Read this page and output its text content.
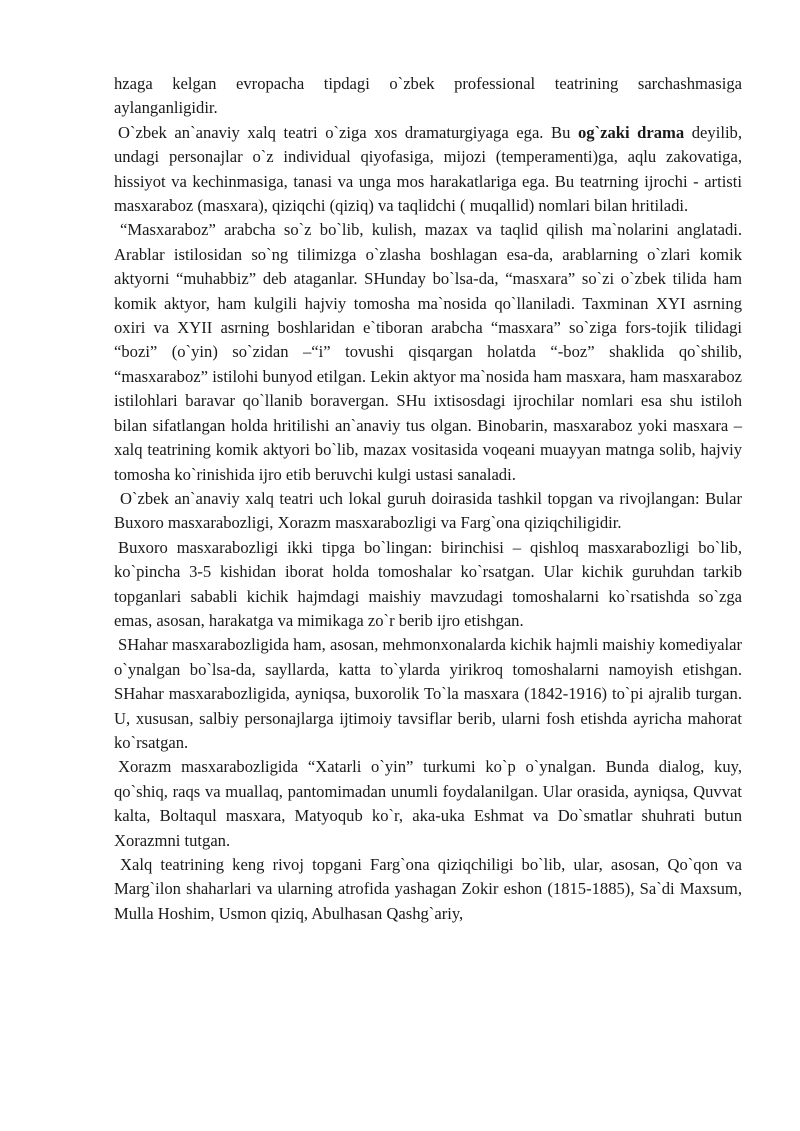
hzaga kelgan evropacha tipdagi o`zbek professional teatrining sarchashmasiga aylanganligidir.

O`zbek an`anaviy xalq teatri o`ziga xos dramaturgiyaga ega. Bu og`zaki drama deyilib, undagi personajlar o`z individual qiyofasiga, mijozi (temperamenti)ga, aqlu zakovatiga, hissiyot va kechinmasiga, tanasi va unga mos harakatlariga ega. Bu teatrning ijrochi - artisti masxaraboz (masxara), qiziqchi (qiziq) va taqlidchi ( muqallid) nomlari bilan hritiladi.

“Masxaraboz” arabcha so`z bo`lib, kulish, mazax va taqlid qilish ma`nolarini anglatadi. Arablar istilosidan so`ng tilimizga o`zlasha boshlagan esa-da, arablarning o`zlari komik aktyorni “muhabbiz” deb ataganlar. SHunday bo`lsa-da, “masxara” so`zi o`zbek tilida ham komik aktyor, ham kulgili hajviy tomosha ma`nosida qo`llaniladi. Taxminan XYI asrning oxiri va XYII asrning boshlaridan e`tiboran arabcha “masxara” so`ziga fors-tojik tilidagi “bozi” (o`yin) so`zidan –“i” tovushi qisqargan holatda “-boz” shaklida qo`shilib, “masxaraboz” istilohi bunyod etilgan. Lekin aktyor ma`nosida ham masxara, ham masxaraboz istilohlari baravar qo`llanib boravergan. SHu ixtisosdagi ijrochilar nomlari esa shu istiloh bilan sifatlangan holda hritilishi an`anaviy tus olgan. Binobarin, masxaraboz yoki masxara – xalq teatrining komik aktyori bo`lib, mazax vositasida voqeani muayyan matnga solib, hajviy tomosha ko`rinishida ijro etib beruvchi kulgi ustasi sanaladi.

O`zbek an`anaviy xalq teatri uch lokal guruh doirasida tashkil topgan va rivojlangan: Bular Buxoro masxarabozligi, Xorazm masxarabozligi va Farg`ona qiziqchiligidir.

Buxoro masxarabozligi ikki tipga bo`lingan: birinchisi – qishloq masxarabozligi bo`lib, ko`pincha 3-5 kishidan iborat holda tomoshalar ko`rsatgan. Ular kichik guruhdan tarkib topganlari sababli kichik hajmdagi maishiy mavzudagi tomoshalarni ko`rsatishda so`zga emas, asosan, harakatga va mimikaga zo`r berib ijro etishgan.

SHahar masxarabozligida ham, asosan, mehmonxonalarda kichik hajmli maishiy komediyalar o`ynalgan bo`lsa-da, sayllarda, katta to`ylarda yirikroq tomoshalarni namoyish etishgan. SHahar masxarabozligida, ayniqsa, buxorolik To`la masxara (1842-1916) to`pi ajralib turgan. U, xususan, salbiy personajlarga ijtimoiy tavsiflar berib, ularni fosh etishda ayricha mahorat ko`rsatgan.

Xorazm masxarabozligida “Xatarli o`yin” turkumi ko`p o`ynalgan. Bunda dialog, kuy, qo`shiq, raqs va muallaq, pantomimadan unumli foydalanilgan. Ular orasida, ayniqsa, Quvvat kalta, Boltaqul masxara, Matyoqub ko`r, aka-uka Eshmat va Do`smatlar shuhrati butun Xorazmni tutgan.

Xalq teatrining keng rivoj topgani Farg`ona qiziqchiligi bo`lib, ular, asosan, Qo`qon va Marg`ilon shaharlari va ularning atrofida yashagan Zokir eshon (1815-1885), Sa`di Maxsum, Mulla Hoshim, Usmon qiziq, Abulhasan Qashg`ariy,
